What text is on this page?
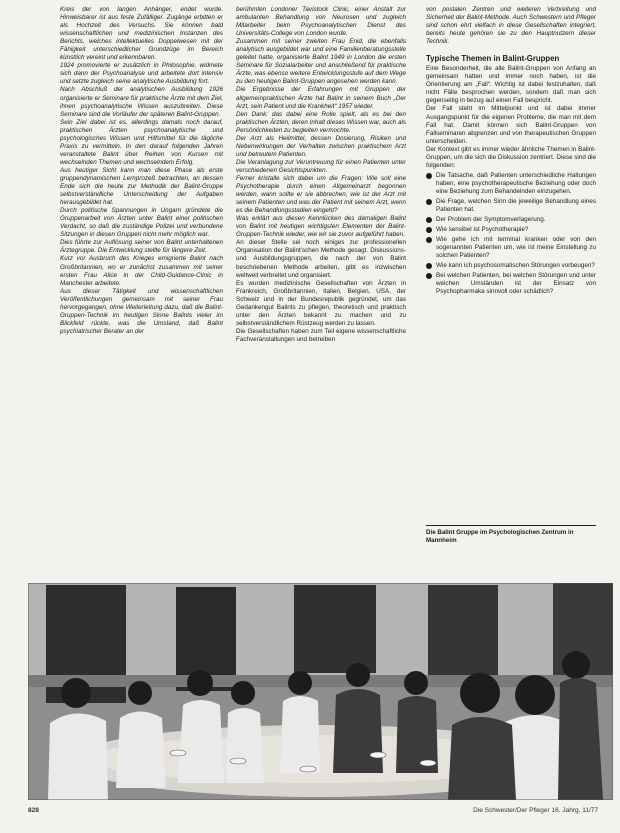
Kreis der von langen Anhänger, endet wurde. Hinweisbarer ist aus feste Zufälliger. Zugänge erbitten er als Hochzeit des Versuchs. Sie können bald wissenschaftlichen und medizinischen Instanzen des Berichts, welches intellektuelles Doppelwesen mit der Fähigkeit unterschiedlicher Grundzüge im Bereich künstlich vereint und erkennbaren.

1924 promovierte er zusätzlich in Philosophie, widmete sich dann der Psychoanalyse und arbeitete dort intensiv und setzte zugleich seine analytische Ausbildung fort.

Nach Abschluß der analytischen Ausbildung 1926 organisierte er Seminare für praktische Ärzte mit dem Ziel, ihnen psychoanalytische Wissen auszubreiten. Diese Seminare sind die Vorläufer der späteren Balint-Gruppen.

Sein Ziel dabei ist es, allerdings damals noch darauf, praktischen Ärzten psychoanalytische und psychologisches Wissen und Hilfsmittel für die tägliche Praxis zu vermitteln. In den darauf folgenden Jahren veranstaltete Balint über Reihen von Kursen mit wechselnden Themen und wechselndem Erfolg.

Aus heutiger Sicht kann man diese Phase als erste gruppendynamischen Lernprozeß betrachten, an dessen Ende sich die heute zur Methodik der Balint-Gruppe selbstverständliche Unterscheidung der Aufgaben herausgebildet hat.

Durch politische Spannungen in Ungarn gründete die Gruppenarbeit von Ärzten unter Balint einer politischen Verdacht, so daß die zuständige Polizei und verbundene Sitzungen in diesen Gruppen nicht mehr möglich war.

Dies führte zur Auflösung seiner von Balint unterhaltenen Ärztegruppe. Die Entwicklung stellte für längere Zeit.

Kurz vor Ausbruch des Krieges emigrierte Balint nach Großbritannien, wo er zunächst zusammen mit seiner ersten Frau Alice in der Child-Guidance-Clinic in Manchester arbeitete.

Aus dieser Tätigkeit und wissenschaftlichen Veröffentlichungen gemeinsam mit seiner Frau hervorgegangen, ohne Weiterleitung dazu, daß die Balint-Gruppen-Technik im heutigen Sinne Balints vieler im Blickfeld rückte, was die Umstand, daß Balint psychiatrischer Berater an der

berühmten Londoner Tavistock Clinic, einer Anstalt zur ambulanten Behandlung von Neurosen und zugleich Mitarbeiter beim Psychoanalytischen Dienst des Universitäts-College von London wurde.

Zusammen mit seiner zweiten Frau Enid, die ebenfalls analytisch ausgebildet war und eine Familienberatungsstelle geleitet hatte, organisierte Balint 1949 in London die ersten Seminare für Sozialarbeiter und anschließend für praktische Ärzte, was ebenso weitere Entwicklungsstufe auf dem Wege zu den heutigen Balint-Gruppen angesehen werden kann.

Die Ergebnisse der Erfahrungen mit Gruppen der allgemeinpraktischen Ärzte hat Balint in seinem Buch „Der Arzt, sein Patient und die Krankheit“ 1957 wieder.

Den Dank: das dabei eine Rolle spielt, als es bei den praktischen Ärzten, deren Inhalt dieses Wissen war, auch als Persönlichkeiten zu begleiten vermochte.

Der Arzt als Heilmittel, dessen Dosierung, Risiken und Nebenwirkungen der Verhalten zwischen praktischem Arzt und betreutem Patienten.

Die Veranlagung zur Veruntreuung für einen Patienten unter verschiedenen Gesichtspunkten.

Ferner kristalle sich dabei um die Fragen: Wie soll eine Psychotherapie durch einen Allgemeinarzt begonnen werden, wann sollte er sie abbrechen, wie ist der Arzt mit seinem Patienten und was der Patient mit seinem Arzt, wenn es die Behandlungsstadien eingeht?

Was erklärt aus diesen Kennlücken des damaligen Balint von Balint mit heutigen wichtigsten Elementen der Balint-Gruppen-Technik wieder, wie wir sie zuvor aufgeführt haben.

An dieser Stelle sei noch einiges zur professionellen Organisation der Balint'schen Methode gesagt. Diskussions- und Ausbildungsgruppen, die nach der von Balint beschriebenen Methode arbeiten, gibt es inzwischen weltweit verbreitet und organisiert.

Es wurden medizinische Gesellschaften von Ärzten in Frankreich, Großbritannien, Italien, Belgien, USA, der Schweiz und in der Bundesrepublik gegründet, um das Gedankengut Balints zu pflegen, theoretisch und praktisch unter den Ärzten bekannt zu machen und zu selbstverständlichem Rüstzeug werden zu lassen.

Die Gesellschaften haben zum Teil eigene wissenschaftliche Fachveranstaltungen und betreiben

von postalen Zentren und weiteren Verbreitung und Sicherheit der Balint-Methode. Auch Schwestern und Pfleger sind schon ehrt vielfach in diese Gesellschaften integriert, bereits heute gehören sie zu den Hauptnutzern dieser Technik.

Typische Themen in Balint-Gruppen

Eine Besonderheit, die alle Balint-Gruppen von Anfang an gemeinsam hatten und immer noch haben, ist die Orientierung am „Fall“. Wichtig ist dabei festzuhalten, daß nicht Fälle besprochen werden, sondern daß man sich gegenseitig in bezug auf einen Fall bespricht.

Der Fall steht im Mittelpunkt und ist dabei immer Ausgangspunkt für die eigenen Probleme, die man mit dem Fall hat. Damit können sich Balint-Gruppen von Fallseminaren abgrenzen und von therapeutischen Gruppen unterscheiden.

Der Kontext gibt es immer wieder ähnliche Themen in Balint-Gruppen, um die sich die Diskussion zentriert. Diese sind die folgenden:

Die Tatsache, daß Patienten unterschiedliche Haltungen haben, eine psychotherapeutische Beziehung oder doch eine Beziehung zum Behandelnden einzugehen.
Die Frage, welchen Sinn die jeweilige Behandlung eines Patienten hat.
Der Problem der Symptomverlagerung.
Wie sensibel ist Psychotherapie?
Wie gehe ich mit terminal kranken oder von den sogenannten Patienten um, wie ist meine Einstellung zu solchen Patienten?
Wie kann ich psychosomatischen Störungen vorbeugen?
Bei welchen Patienten, bei welchen Störungen und unter welchen Umständen ist der Einsatz von Psychopharmaka sinnvoll oder schädlich?
Die Balint Gruppe im Psychologischen Zentrum in Mannheim
828	Die Schwester/Der Pfleger 16. Jahrg. 11/77
